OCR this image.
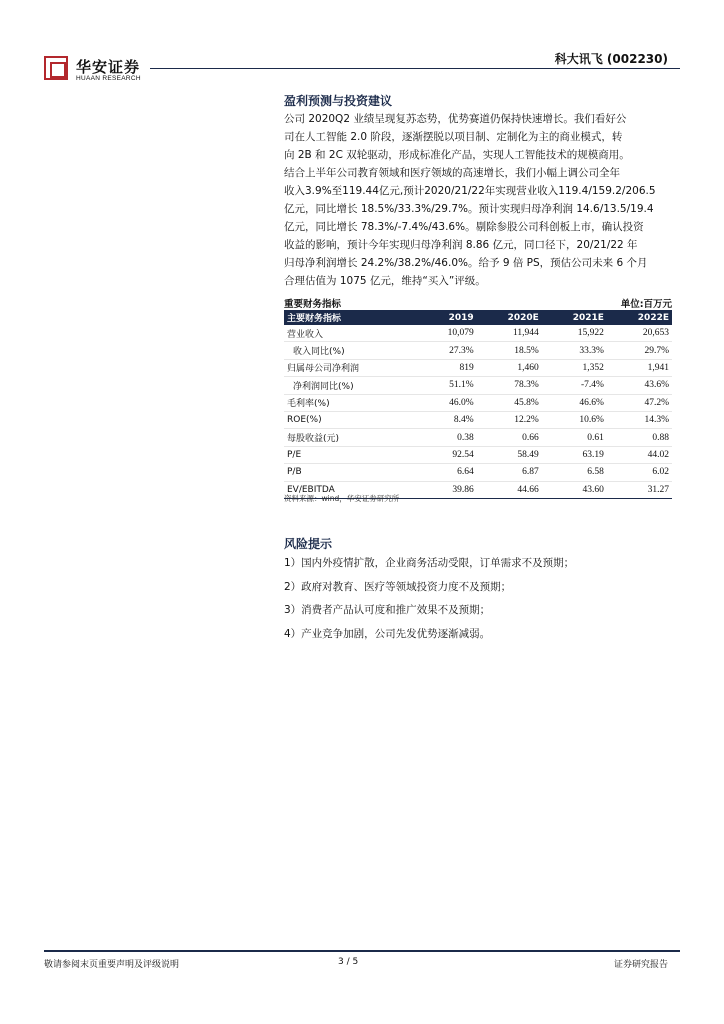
华安证券
HUAAN RESEARCH
科大讯飞 (002230)
盈利预测与投资建议
公司 2020Q2 业绩呈现复苏态势，优势赛道仍保持快速增长。我们看好公
司在人工智能 2.0 阶段，逐渐摆脱以项目制、定制化为主的商业模式，转
向 2B 和 2C 双轮驱动，形成标准化产品，实现人工智能技术的规模商用。
结合上半年公司教育领域和医疗领域的高速增长，我们小幅上调公司全年
收入3.9%至119.44亿元,预计2020/21/22年实现营业收入119.4/159.2/206.5
亿元，同比增长 18.5%/33.3%/29.7%。预计实现归母净利润 14.6/13.5/19.4
亿元，同比增长 78.3%/-7.4%/43.6%。剔除参股公司科创板上市，确认投资
收益的影响，预计今年实现归母净利润 8.86 亿元，同口径下，20/21/22 年
归母净利润增长 24.2%/38.2%/46.0%。给予 9 倍 PS，预估公司未来 6 个月
合理估值为 1075 亿元，维持“买入”评级。
重要财务指标	单位:百万元
主要财务指标	2019	2020E	2021E	2022E
营业收入	10,079	11,944	15,922	20,653
收入同比(%)	27.3%	18.5%	33.3%	29.7%
归属母公司净利润	819	1,460	1,352	1,941
净利润同比(%)	51.1%	78.3%	-7.4%	43.6%
毛利率(%)	46.0%	45.8%	46.6%	47.2%
ROE(%)	8.4%	12.2%	10.6%	14.3%
每股收益(元)	0.38	0.66	0.61	0.88
P/E	92.54	58.49	63.19	44.02
P/B	6.64	6.87	6.58	6.02
EV/EBITDA	39.86	44.66	43.60	31.27
资料来源：wind，华安证券研究所
风险提示
1）国内外疫情扩散，企业商务活动受限，订单需求不及预期；
2）政府对教育、医疗等领域投资力度不及预期；
3）消费者产品认可度和推广效果不及预期；
4）产业竞争加剧，公司先发优势逐渐减弱。
敬请参阅末页重要声明及评级说明	3 / 5	证券研究报告
